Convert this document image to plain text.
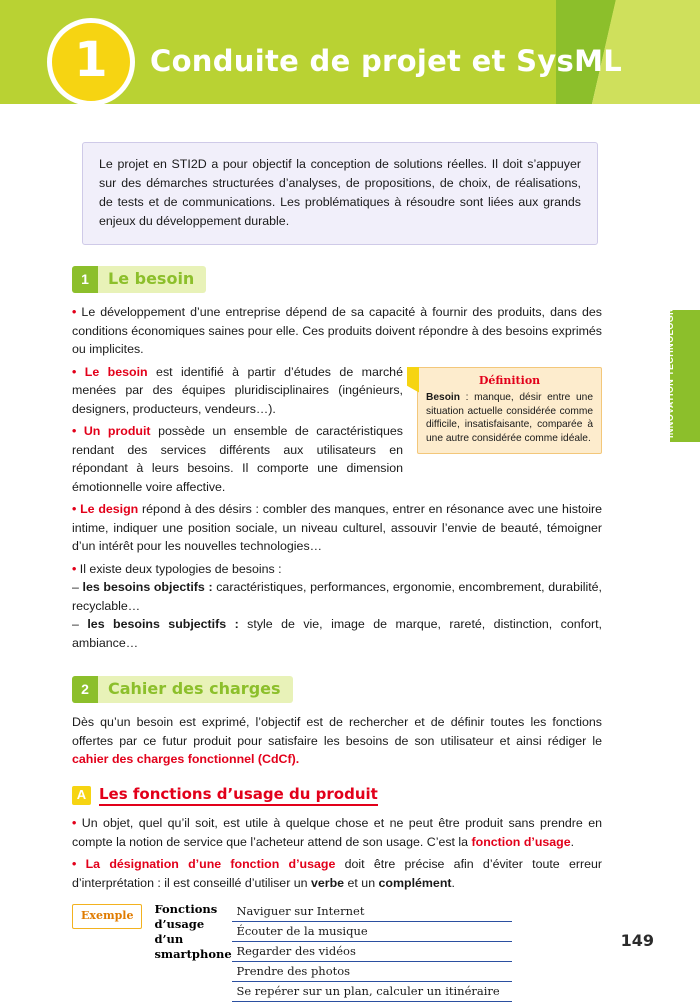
1 Conduite de projet et SysML
INNOVATION TECHNOLOGIQUE
Le projet en STI2D a pour objectif la conception de solutions réelles. Il doit s’appuyer sur des démarches structurées d’analyses, de propositions, de choix, de réalisations, de tests et de communications. Les problématiques à résoudre sont liées aux grands enjeux du développement durable.
1	Le besoin

• Le développement d’une entreprise dépend de sa capacité à fournir des produits, dans des conditions économiques saines pour elle. Ces produits doivent répondre à des besoins exprimés ou implicites.

Définition
Besoin : manque, désir entre une situation actuelle considérée comme difficile, insatisfaisante, comparée à une autre considérée comme idéale.

• Le besoin est identifié à partir d’études de marché menées par des équipes pluridisciplinaires (ingénieurs, designers, producteurs, vendeurs…).

• Un produit possède un ensemble de caractéristiques rendant des services différents aux utilisateurs en répondant à leurs besoins. Il comporte une dimension émotionnelle voire affective.

• Le design répond à des désirs : combler des manques, entrer en résonance avec une histoire intime, indiquer une position sociale, un niveau culturel, assouvir l’envie de beauté, témoigner d’un intérêt pour les nouvelles technologies…

• Il existe deux typologies de besoins :

– les besoins objectifs : caractéristiques, performances, ergonomie, encombrement, durabilité, recyclable…

– les besoins subjectifs : style de vie, image de marque, rareté, distinction, confort, ambiance…

2	Cahier des charges

Dès qu’un besoin est exprimé, l’objectif est de rechercher et de définir toutes les fonctions offertes par ce futur produit pour satisfaire les besoins de son utilisateur et ainsi rédiger le cahier des charges fonctionnel (CdCf).

A Les fonctions d’usage du produit

• Un objet, quel qu’il soit, est utile à quelque chose et ne peut être produit sans prendre en compte la notion de service que l’acheteur attend de son usage. C’est la fonction d’usage.

• La désignation d’une fonction d’usage doit être précise afin d’éviter toute erreur d’interprétation : il est conseillé d’utiliser un verbe et un complément.

Exemple	Fonctions d’usage d’un smartphone
Naviguer sur Internet
Écouter de la musique
Regarder des vidéos
Prendre des photos
Se repérer sur un plan, calculer un itinéraire
149
